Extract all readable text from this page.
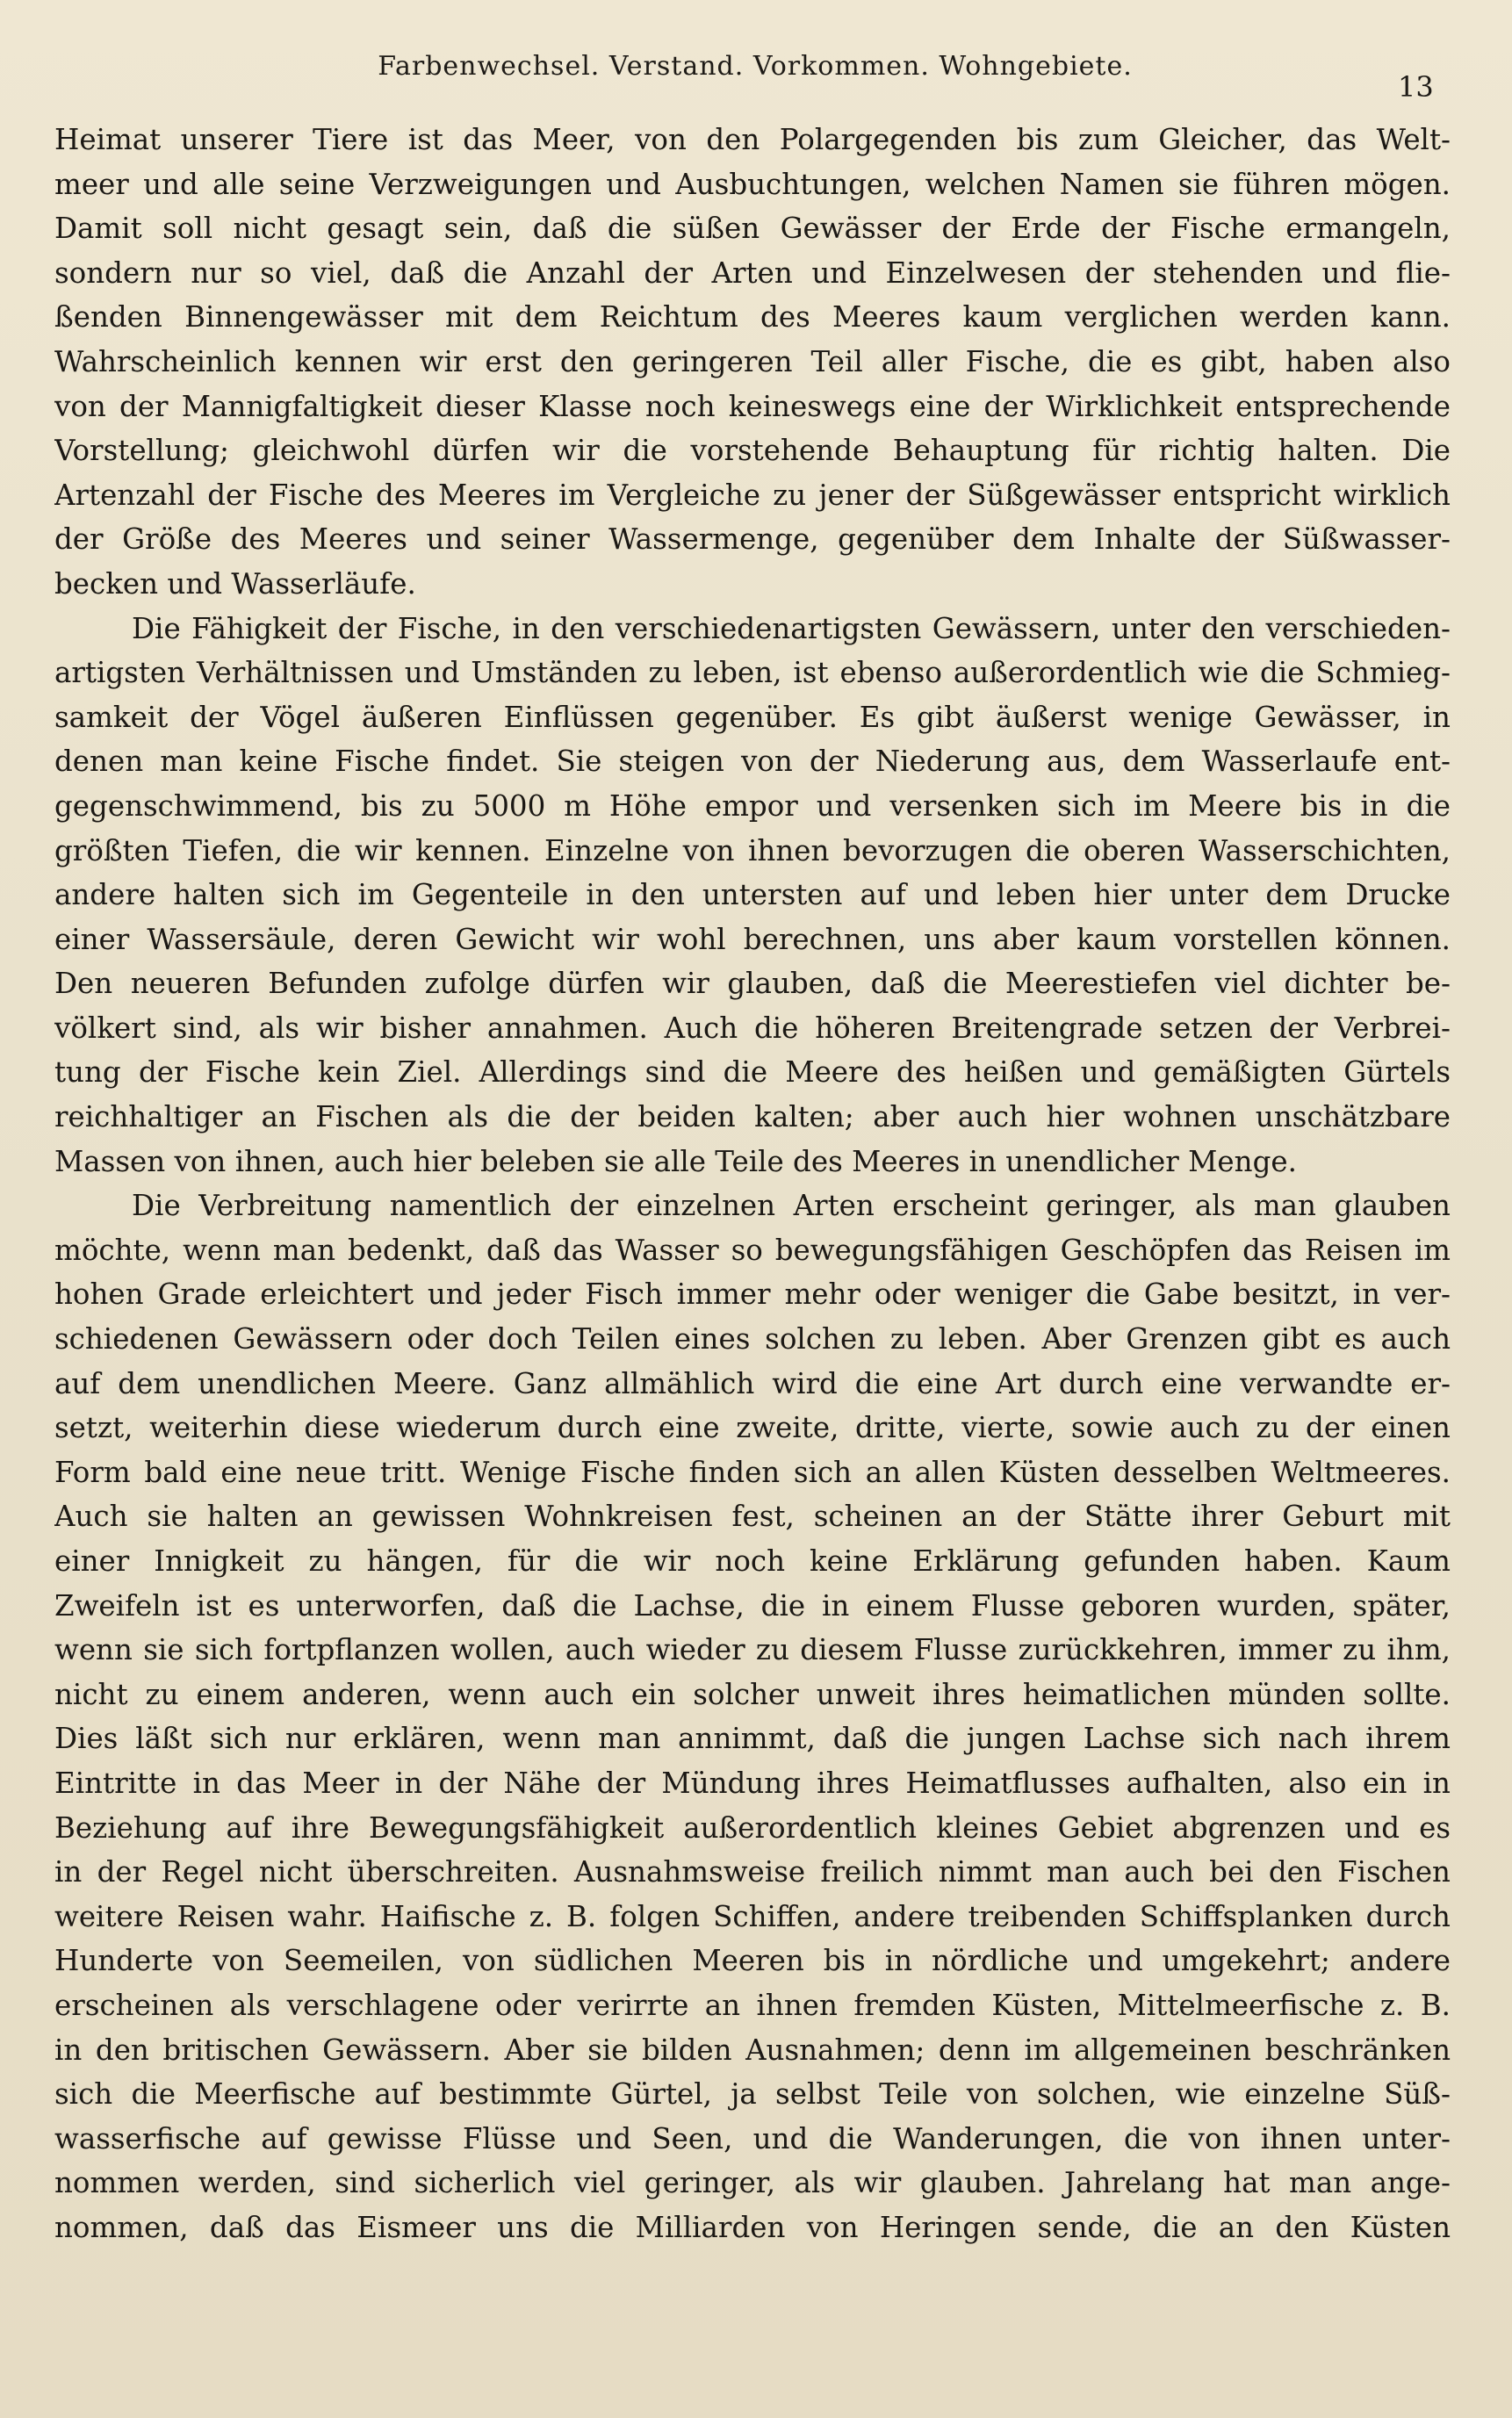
Farbenwechsel. Verstand. Vorkommen. Wohngebiete.
13
Heimat unserer Tiere ist das Meer, von den Polargegenden bis zum Gleicher, das Welt-
meer und alle seine Verzweigungen und Ausbuchtungen, welchen Namen sie führen mögen.
Damit soll nicht gesagt sein, daß die süßen Gewässer der Erde der Fische ermangeln,
sondern nur so viel, daß die Anzahl der Arten und Einzelwesen der stehenden und flie-
ßenden Binnengewässer mit dem Reichtum des Meeres kaum verglichen werden kann.
Wahrscheinlich kennen wir erst den geringeren Teil aller Fische, die es gibt, haben also
von der Mannigfaltigkeit dieser Klasse noch keineswegs eine der Wirklichkeit entsprechende
Vorstellung; gleichwohl dürfen wir die vorstehende Behauptung für richtig halten. Die
Artenzahl der Fische des Meeres im Vergleiche zu jener der Süßgewässer entspricht wirklich
der Größe des Meeres und seiner Wassermenge, gegenüber dem Inhalte der Süßwasser-
becken und Wasserläufe.
Die Fähigkeit der Fische, in den verschiedenartigsten Gewässern, unter den verschieden-
artigsten Verhältnissen und Umständen zu leben, ist ebenso außerordentlich wie die Schmieg-
samkeit der Vögel äußeren Einflüssen gegenüber. Es gibt äußerst wenige Gewässer, in
denen man keine Fische findet. Sie steigen von der Niederung aus, dem Wasserlaufe ent-
gegenschwimmend, bis zu 5000 m Höhe empor und versenken sich im Meere bis in die
größten Tiefen, die wir kennen. Einzelne von ihnen bevorzugen die oberen Wasserschichten,
andere halten sich im Gegenteile in den untersten auf und leben hier unter dem Drucke
einer Wassersäule, deren Gewicht wir wohl berechnen, uns aber kaum vorstellen können.
Den neueren Befunden zufolge dürfen wir glauben, daß die Meerestiefen viel dichter be-
völkert sind, als wir bisher annahmen. Auch die höheren Breitengrade setzen der Verbrei-
tung der Fische kein Ziel. Allerdings sind die Meere des heißen und gemäßigten Gürtels
reichhaltiger an Fischen als die der beiden kalten; aber auch hier wohnen unschätzbare
Massen von ihnen, auch hier beleben sie alle Teile des Meeres in unendlicher Menge.
Die Verbreitung namentlich der einzelnen Arten erscheint geringer, als man glauben
möchte, wenn man bedenkt, daß das Wasser so bewegungsfähigen Geschöpfen das Reisen im
hohen Grade erleichtert und jeder Fisch immer mehr oder weniger die Gabe besitzt, in ver-
schiedenen Gewässern oder doch Teilen eines solchen zu leben. Aber Grenzen gibt es auch
auf dem unendlichen Meere. Ganz allmählich wird die eine Art durch eine verwandte er-
setzt, weiterhin diese wiederum durch eine zweite, dritte, vierte, sowie auch zu der einen
Form bald eine neue tritt. Wenige Fische finden sich an allen Küsten desselben Weltmeeres.
Auch sie halten an gewissen Wohnkreisen fest, scheinen an der Stätte ihrer Geburt mit
einer Innigkeit zu hängen, für die wir noch keine Erklärung gefunden haben. Kaum
Zweifeln ist es unterworfen, daß die Lachse, die in einem Flusse geboren wurden, später,
wenn sie sich fortpflanzen wollen, auch wieder zu diesem Flusse zurückkehren, immer zu ihm,
nicht zu einem anderen, wenn auch ein solcher unweit ihres heimatlichen münden sollte.
Dies läßt sich nur erklären, wenn man annimmt, daß die jungen Lachse sich nach ihrem
Eintritte in das Meer in der Nähe der Mündung ihres Heimatflusses aufhalten, also ein in
Beziehung auf ihre Bewegungsfähigkeit außerordentlich kleines Gebiet abgrenzen und es
in der Regel nicht überschreiten. Ausnahmsweise freilich nimmt man auch bei den Fischen
weitere Reisen wahr. Haifische z. B. folgen Schiffen, andere treibenden Schiffsplanken durch
Hunderte von Seemeilen, von südlichen Meeren bis in nördliche und umgekehrt; andere
erscheinen als verschlagene oder verirrte an ihnen fremden Küsten, Mittelmeerfische z. B.
in den britischen Gewässern. Aber sie bilden Ausnahmen; denn im allgemeinen beschränken
sich die Meerfische auf bestimmte Gürtel, ja selbst Teile von solchen, wie einzelne Süß-
wasserfische auf gewisse Flüsse und Seen, und die Wanderungen, die von ihnen unter-
nommen werden, sind sicherlich viel geringer, als wir glauben. Jahrelang hat man ange-
nommen, daß das Eismeer uns die Milliarden von Heringen sende, die an den Küsten
